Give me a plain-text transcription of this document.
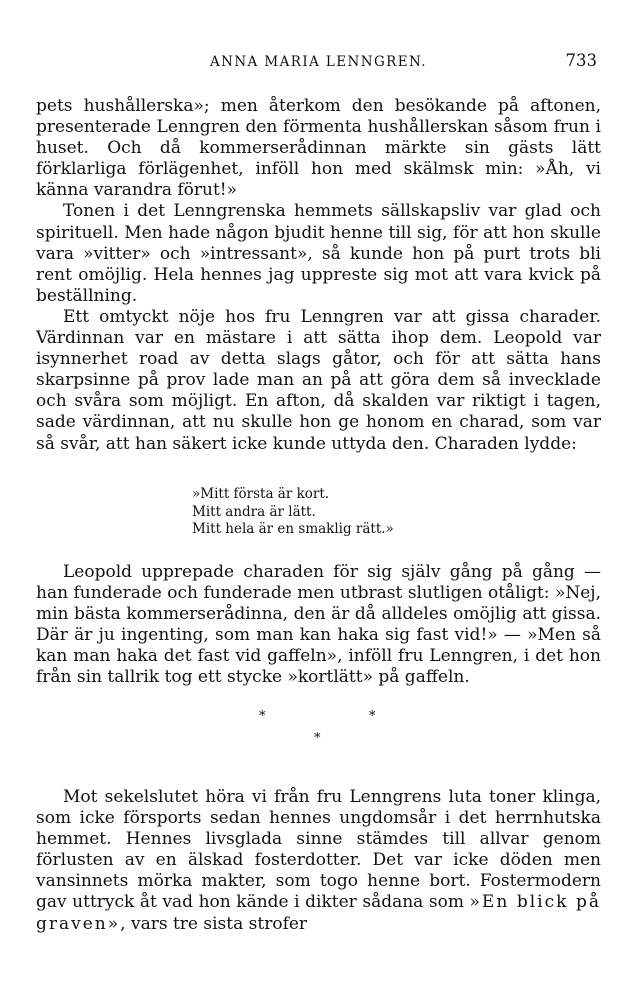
ANNA MARIA LENNGREN.	733

pets hushållerska»; men återkom den besökande på aftonen, presenterade Lenngren den förmenta hushållerskan såsom frun i huset. Och då kommerserådinnan märkte sin gästs lätt förklarliga förlägenhet, inföll hon med skälmsk min: »Åh, vi känna varandra förut!»

Tonen i det Lenngrenska hemmets sällskapsliv var glad och spirituell. Men hade någon bjudit henne till sig, för att hon skulle vara »vitter» och »intressant», så kunde hon på purt trots bli rent omöjlig. Hela hennes jag uppreste sig mot att vara kvick på beställning.

Ett omtyckt nöje hos fru Lenngren var att gissa charader. Värdinnan var en mästare i att sätta ihop dem. Leopold var isynnerhet road av detta slags gåtor, och för att sätta hans skarpsinne på prov lade man an på att göra dem så invecklade och svåra som möjligt. En afton, då skalden var riktigt i tagen, sade värdinnan, att nu skulle hon ge honom en charad, som var så svår, att han säkert icke kunde uttyda den. Charaden lydde:

»Mitt första är kort.
Mitt andra är lätt.
Mitt hela är en smaklig rätt.»

Leopold upprepade charaden för sig själv gång på gång — han funderade och funderade men utbrast slutligen otåligt: »Nej, min bästa kommerserådinna, den är då alldeles omöjlig att gissa. Där är ju ingenting, som man kan haka sig fast vid!» — »Men så kan man haka det fast vid gaffeln», inföll fru Lenngren, i det hon från sin tallrik tog ett stycke »kortlätt» på gaffeln.

*	*
*

Mot sekelslutet höra vi från fru Lenngrens luta toner klinga, som icke försports sedan hennes ungdomsår i det herrnhutska hemmet. Hennes livsglada sinne stämdes till allvar genom förlusten av en älskad fosterdotter. Det var icke döden men vansinnets mörka makter, som togo henne bort. Fostermodern gav uttryck åt vad hon kände i dikter sådana som »En blick på graven», vars tre sista strofer
